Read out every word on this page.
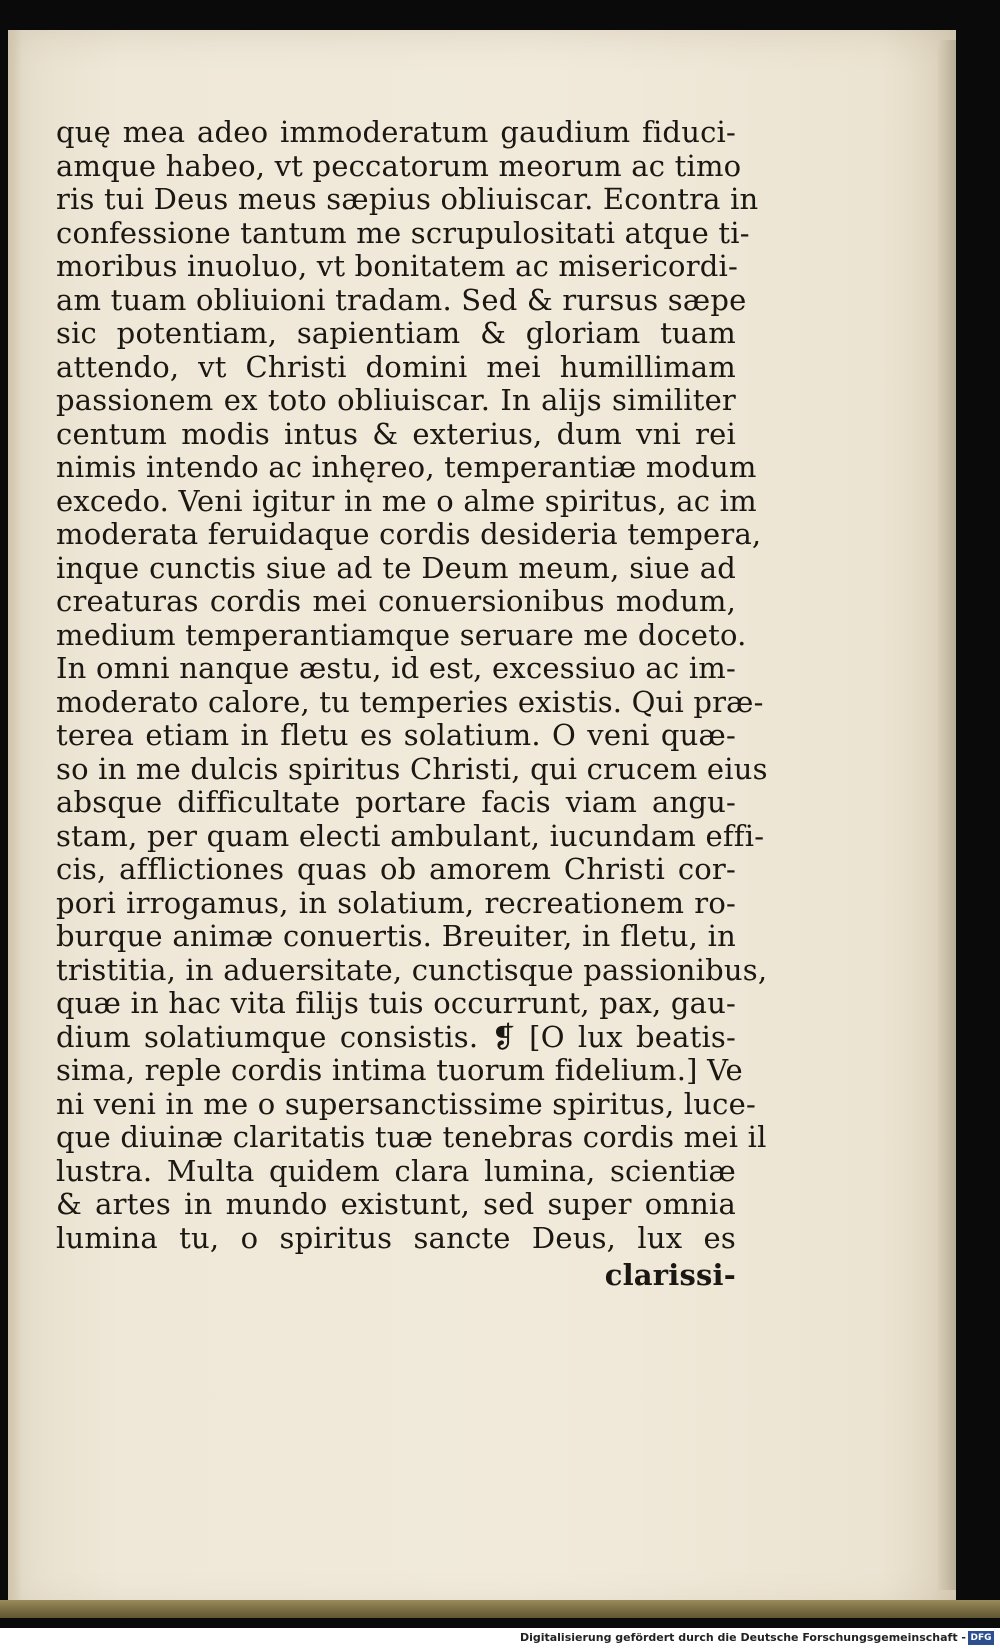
quę mea adeo immoderatum gaudium fiduci-
amque habeo, vt peccatorum meorum ac timo
ris tui Deus meus sæpius obliuiscar. Econtra in
confessione tantum me scrupulositati atque ti-
moribus inuoluo, vt bonitatem ac misericordi-
am tuam obliuioni tradam. Sed & rursus sæpe
sic potentiam, sapientiam & gloriam tuam
attendo, vt Christi domini mei humillimam
passionem ex toto obliuiscar. In alijs similiter
centum modis intus & exterius, dum vni rei
nimis intendo ac inhęreo, temperantiæ modum
excedo. Veni igitur in me o alme spiritus, ac im
moderata feruidaque cordis desideria tempera,
inque cunctis siue ad te Deum meum, siue ad
creaturas cordis mei conuersionibus modum,
medium temperantiamque seruare me doceto.
In omni nanque æstu, id est, excessiuo ac im-
moderato calore, tu temperies existis. Qui præ-
terea etiam in fletu es solatium. O veni quæ-
so in me dulcis spiritus Christi, qui crucem eius
absque difficultate portare facis viam angu-
stam, per quam electi ambulant, iucundam effi-
cis, afflictiones quas ob amorem Christi cor-
pori irrogamus, in solatium, recreationem ro-
burque animæ conuertis. Breuiter, in fletu, in
tristitia, in aduersitate, cunctisque passionibus,
quæ in hac vita filijs tuis occurrunt, pax, gau-
dium solatiumque consistis. ❡ [O lux beatis-
sima, reple cordis intima tuorum fidelium.] Ve
ni veni in me o supersanctissime spiritus, luce-
que diuinæ claritatis tuæ tenebras cordis mei il
lustra. Multa quidem clara lumina, scientiæ
& artes in mundo existunt, sed super omnia
lumina tu, o spiritus sancte Deus, lux es
clarissi-
Digitalisierung gefördert durch die Deutsche Forschungsgemeinschaft - DFG
